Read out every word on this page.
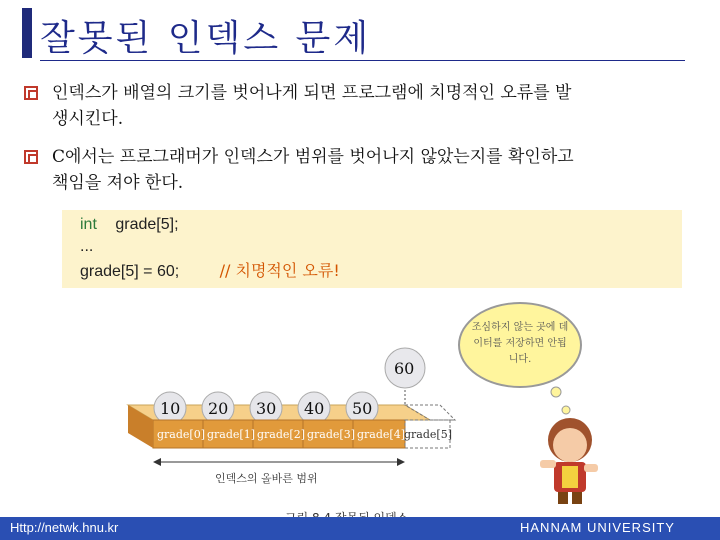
잘못된 인덱스 문제
인덱스가 배열의 크기를 벗어나게 되면 프로그램에 치명적인 오류를 발
생시킨다.
C에서는 프로그래머가 인덱스가 범위를 벗어나지 않았는지를 확인하고
책임을 져야 한다.
int grade[5];
...
grade[5] = 60;	// 치명적인 오류!
조심하지 않는 곳에 데이터를 저장하면 안됩니다.
60
10 20 30 40 50
grade[0] grade[1] grade[2] grade[3] grade[4] grade[5]
인덱스의 올바른 범위
Http://netwk.hnu.kr	HANNAM UNIVERSITY
